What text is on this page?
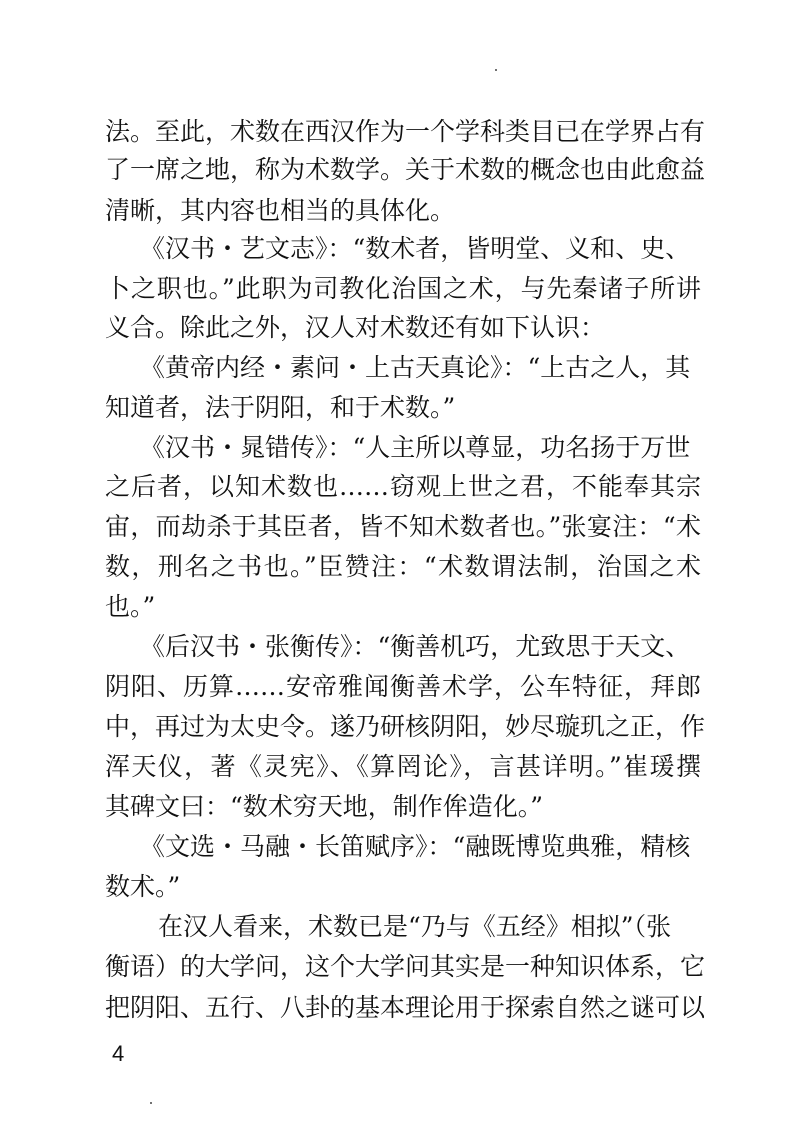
法。至此，术数在西汉作为一个学科类目已在学界占有
了一席之地，称为术数学。关于术数的概念也由此愈益
清晰，其内容也相当的具体化。
《汉书・艺文志》：“数术者，皆明堂、义和、史、
卜之职也。”此职为司教化治国之术，与先秦诸子所讲
义合。除此之外，汉人对术数还有如下认识：
《黄帝内经・素问・上古天真论》：“上古之人，其
知道者，法于阴阳，和于术数。”
《汉书・晁错传》：“人主所以尊显，功名扬于万世
之后者，以知术数也……窃观上世之君，不能奉其宗
宙，而劫杀于其臣者，皆不知术数者也。”张宴注：“术
数，刑名之书也。”臣赞注：“术数谓法制，治国之术
也。”
《后汉书・张衡传》：“衡善机巧，尤致思于天文、
阴阳、历算……安帝雅闻衡善术学，公车特征，拜郎
中，再过为太史令。遂乃研核阴阳，妙尽璇玑之正，作
浑天仪，著《灵宪》、《算罔论》，言甚详明。”崔瑗撰
其碑文曰：“数术穷天地，制作侔造化。”
《文选・马融・长笛赋序》：“融既博览典雅，精核
数术。”
在汉人看来，术数已是“乃与《五经》相拟”（张
衡语）的大学问，这个大学问其实是一种知识体系，它
把阴阳、五行、八卦的基本理论用于探索自然之谜可以
4
